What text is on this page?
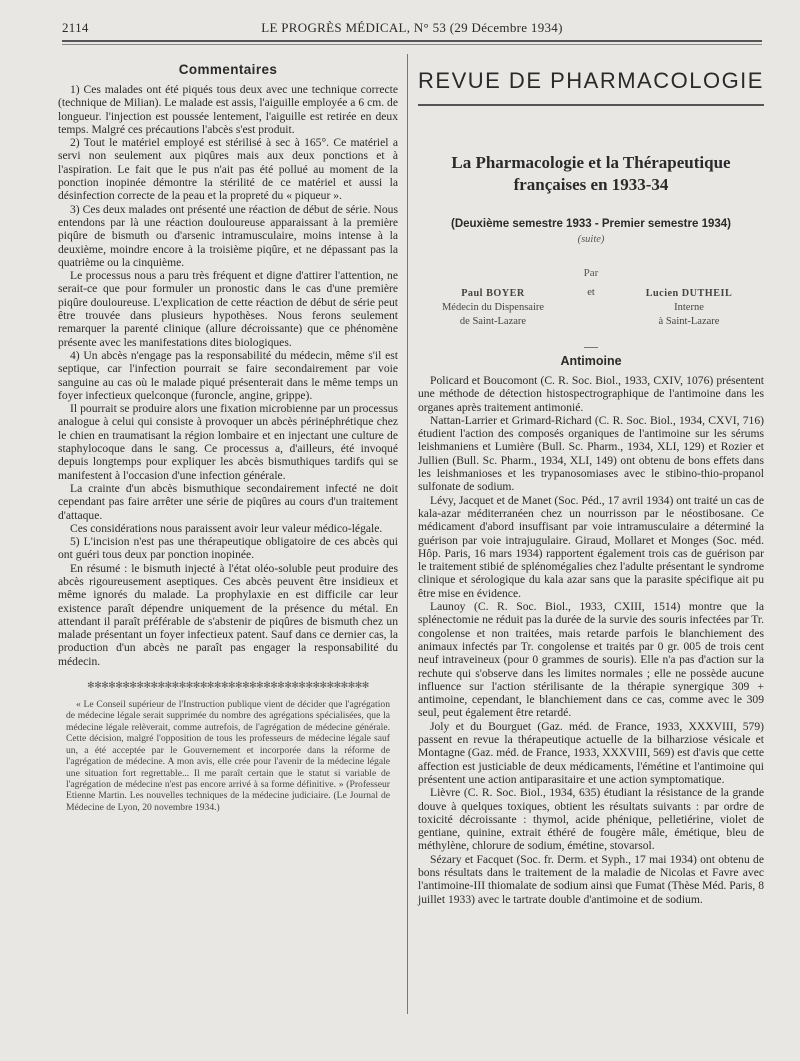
2114	LE PROGRÈS MÉDICAL, N° 53 (29 Décembre 1934)
Commentaires

1) Ces malades ont été piqués tous deux avec une technique correcte (technique de Milian). Le malade est assis, l'aiguille employée a 6 cm. de longueur. l'injection est poussée lentement, l'aiguille est retirée en deux temps. Malgré ces précautions l'abcès s'est produit.

2) Tout le matériel employé est stérilisé à sec à 165°. Ce matériel a servi non seulement aux piqûres mais aux deux ponctions et à l'aspiration. Le fait que le pus n'ait pas été pollué au moment de la ponction inopinée démontre la stérilité de ce matériel et aussi la désinfection correcte de la peau et la propreté du « piqueur ».

3) Ces deux malades ont présenté une réaction de début de série. Nous entendons par là une réaction douloureuse apparaissant à la première piqûre de bismuth ou d'arsenic intramusculaire, moins intense à la deuxième, moindre encore à la troisième piqûre, et ne dépassant pas la quatrième ou la cinquième.

Le processus nous a paru très fréquent et digne d'attirer l'attention, ne serait-ce que pour formuler un pronostic dans le cas d'une première piqûre douloureuse. L'explication de cette réaction de début de série peut être trouvée dans plusieurs hypothèses. Nous ferons seulement remarquer la parenté clinique (allure décroissante) que ce phénomène présente avec les manifestations dites biologiques.

4) Un abcès n'engage pas la responsabilité du médecin, même s'il est septique, car l'infection pourrait se faire secondairement par voie sanguine au cas où le malade piqué présenterait dans le même temps un foyer infectieux quelconque (furoncle, angine, grippe).

Il pourrait se produire alors une fixation microbienne par un processus analogue à celui qui consiste à provoquer un abcès périnéphrétique chez le chien en traumatisant la région lombaire et en injectant une culture de staphylocoque dans le sang. Ce processus a, d'ailleurs, été invoqué depuis longtemps pour expliquer les abcès bismuthiques tardifs qui se manifestent à l'occasion d'une infection générale.

La crainte d'un abcès bismuthique secondairement infecté ne doit cependant pas faire arrêter une série de piqûres au cours d'un traitement d'attaque.

Ces considérations nous paraissent avoir leur valeur médico-légale.

5) L'incision n'est pas une thérapeutique obligatoire de ces abcès qui ont guéri tous deux par ponction inopinée.

En résumé : le bismuth injecté à l'état oléo-soluble peut produire des abcès rigoureusement aseptiques. Ces abcès peuvent être insidieux et même ignorés du malade. La prophylaxie en est difficile car leur existence paraît dépendre uniquement de la présence du métal. En attendant il paraît préférable de s'abstenir de piqûres de bismuth chez un malade présentant un foyer infectieux patent. Sauf dans ce dernier cas, la production d'un abcès ne paraît pas engager la responsabilité du médecin.

✻✻✻✻✻✻✻✻✻✻✻✻✻✻✻✻✻✻✻✻✻✻✻✻✻✻✻✻✻✻✻✻✻✻✻✻✻✻✻✻

« Le Conseil supérieur de l'Instruction publique vient de décider que l'agrégation de médecine légale serait supprimée du nombre des agrégations spécialisées, que la médecine légale relèverait, comme autrefois, de l'agrégation de médecine générale. Cette décision, malgré l'opposition de tous les professeurs de médecine légale sauf un, a été acceptée par le Gouvernement et incorporée dans la réforme de l'agrégation de médecine. A mon avis, elle crée pour l'avenir de la médecine légale une situation fort regrettable... Il me paraît certain que le statut si variable de l'agrégation de médecine n'est pas encore arrivé à sa forme définitive. » (Professeur Etienne Martin. Les nouvelles techniques de la médecine judiciaire. (Le Journal de Médecine de Lyon, 20 novembre 1934.)

REVUE DE PHARMACOLOGIE
La Pharmacologie et la Thérapeutique
françaises en 1933-34
(Deuxième semestre 1933 - Premier semestre 1934)
(suite)
Par
Paul BOYER
Médecin du Dispensaire
de Saint-Lazare
et	Lucien DUTHEIL
Interne
à Saint-Lazare
Antimoine

Policard et Boucomont (C. R. Soc. Biol., 1933, CXIV, 1076) présentent une méthode de détection histospectrographique de l'antimoine dans les organes après traitement antimonié.

Nattan-Larrier et Grimard-Richard (C. R. Soc. Biol., 1934, CXVI, 716) étudient l'action des composés organiques de l'antimoine sur les sérums leishmaniens et Lumière (Bull. Sc. Pharm., 1934, XLI, 129) et Rozier et Jullien (Bull. Sc. Pharm., 1934, XLI, 149) ont obtenu de bons effets dans les leishmanioses et les trypanosomiases avec le stibino-thio-propanol sulfonate de sodium.

Lévy, Jacquet et de Manet (Soc. Péd., 17 avril 1934) ont traité un cas de kala-azar méditerranéen chez un nourrisson par le néostibosane. Ce médicament d'abord insuffisant par voie intramusculaire a déterminé la guérison par voie intrajugulaire. Giraud, Mollaret et Monges (Soc. méd. Hôp. Paris, 16 mars 1934) rapportent également trois cas de guérison par le traitement stibié de splénomégalies chez l'adulte présentant le syndrome clinique et sérologique du kala azar sans que la parasite spécifique ait pu être mise en évidence.

Launoy (C. R. Soc. Biol., 1933, CXIII, 1514) montre que la splénectomie ne réduit pas la durée de la survie des souris infectées par Tr. congolense et non traitées, mais retarde parfois le blanchiement des animaux infectés par Tr. congolense et traités par 0 gr. 005 de trois cent neuf intraveineux (pour 0 grammes de souris). Elle n'a pas d'action sur la rechute qui s'observe dans les limites normales ; elle ne possède aucune influence sur l'action stérilisante de la thérapie synergique 309 + antimoine, cependant, le blanchiement dans ce cas, comme avec le 309 seul, peut également être retardé.

Joly et du Bourguet (Gaz. méd. de France, 1933, XXXVIII, 579) passent en revue la thérapeutique actuelle de la bilharziose vésicale et Montagne (Gaz. méd. de France, 1933, XXXVIII, 569) est d'avis que cette affection est justiciable de deux médicaments, l'émétine et l'antimoine qui présentent une action antiparasitaire et une action symptomatique.

Lièvre (C. R. Soc. Biol., 1934, 635) étudiant la résistance de la grande douve à quelques toxiques, obtient les résultats suivants : par ordre de toxicité décroissante : thymol, acide phénique, pelletiérine, violet de gentiane, quinine, extrait éthéré de fougère mâle, émétique, bleu de méthylène, chlorure de sodium, émétine, stovarsol.

Sézary et Facquet (Soc. fr. Derm. et Syph., 17 mai 1934) ont obtenu de bons résultats dans le traitement de la maladie de Nicolas et Favre avec l'antimoine-III thiomalate de sodium ainsi que Fumat (Thèse Méd. Paris, 8 juillet 1933) avec le tartrate double d'antimoine et de sodium.
